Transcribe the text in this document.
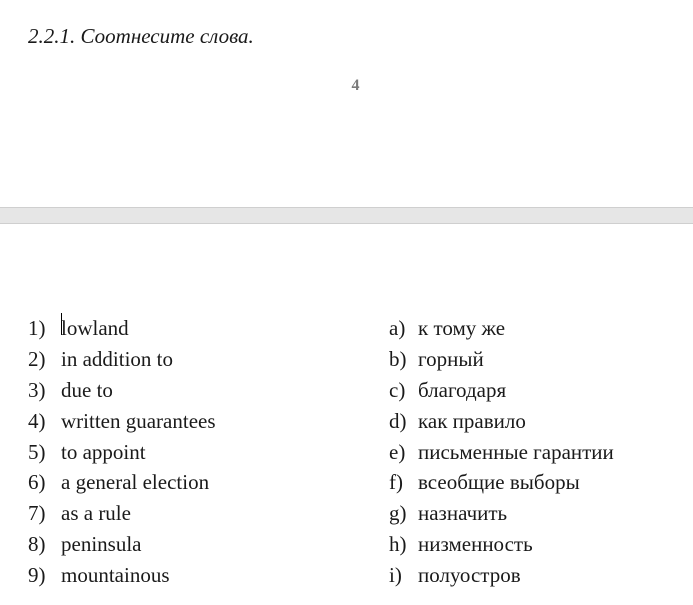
2.2.1. Соотнесите слова.
4
1) lowland
2) in addition to
3) due to
4) written guarantees
5) to appoint
6) a general election
7) as a rule
8) peninsula
9) mountainous
a) к тому же
b) горный
c) благодаря
d) как правило
e) письменные гарантии
f) всеобщие выборы
g) назначить
h) низменность
i) полуостров
